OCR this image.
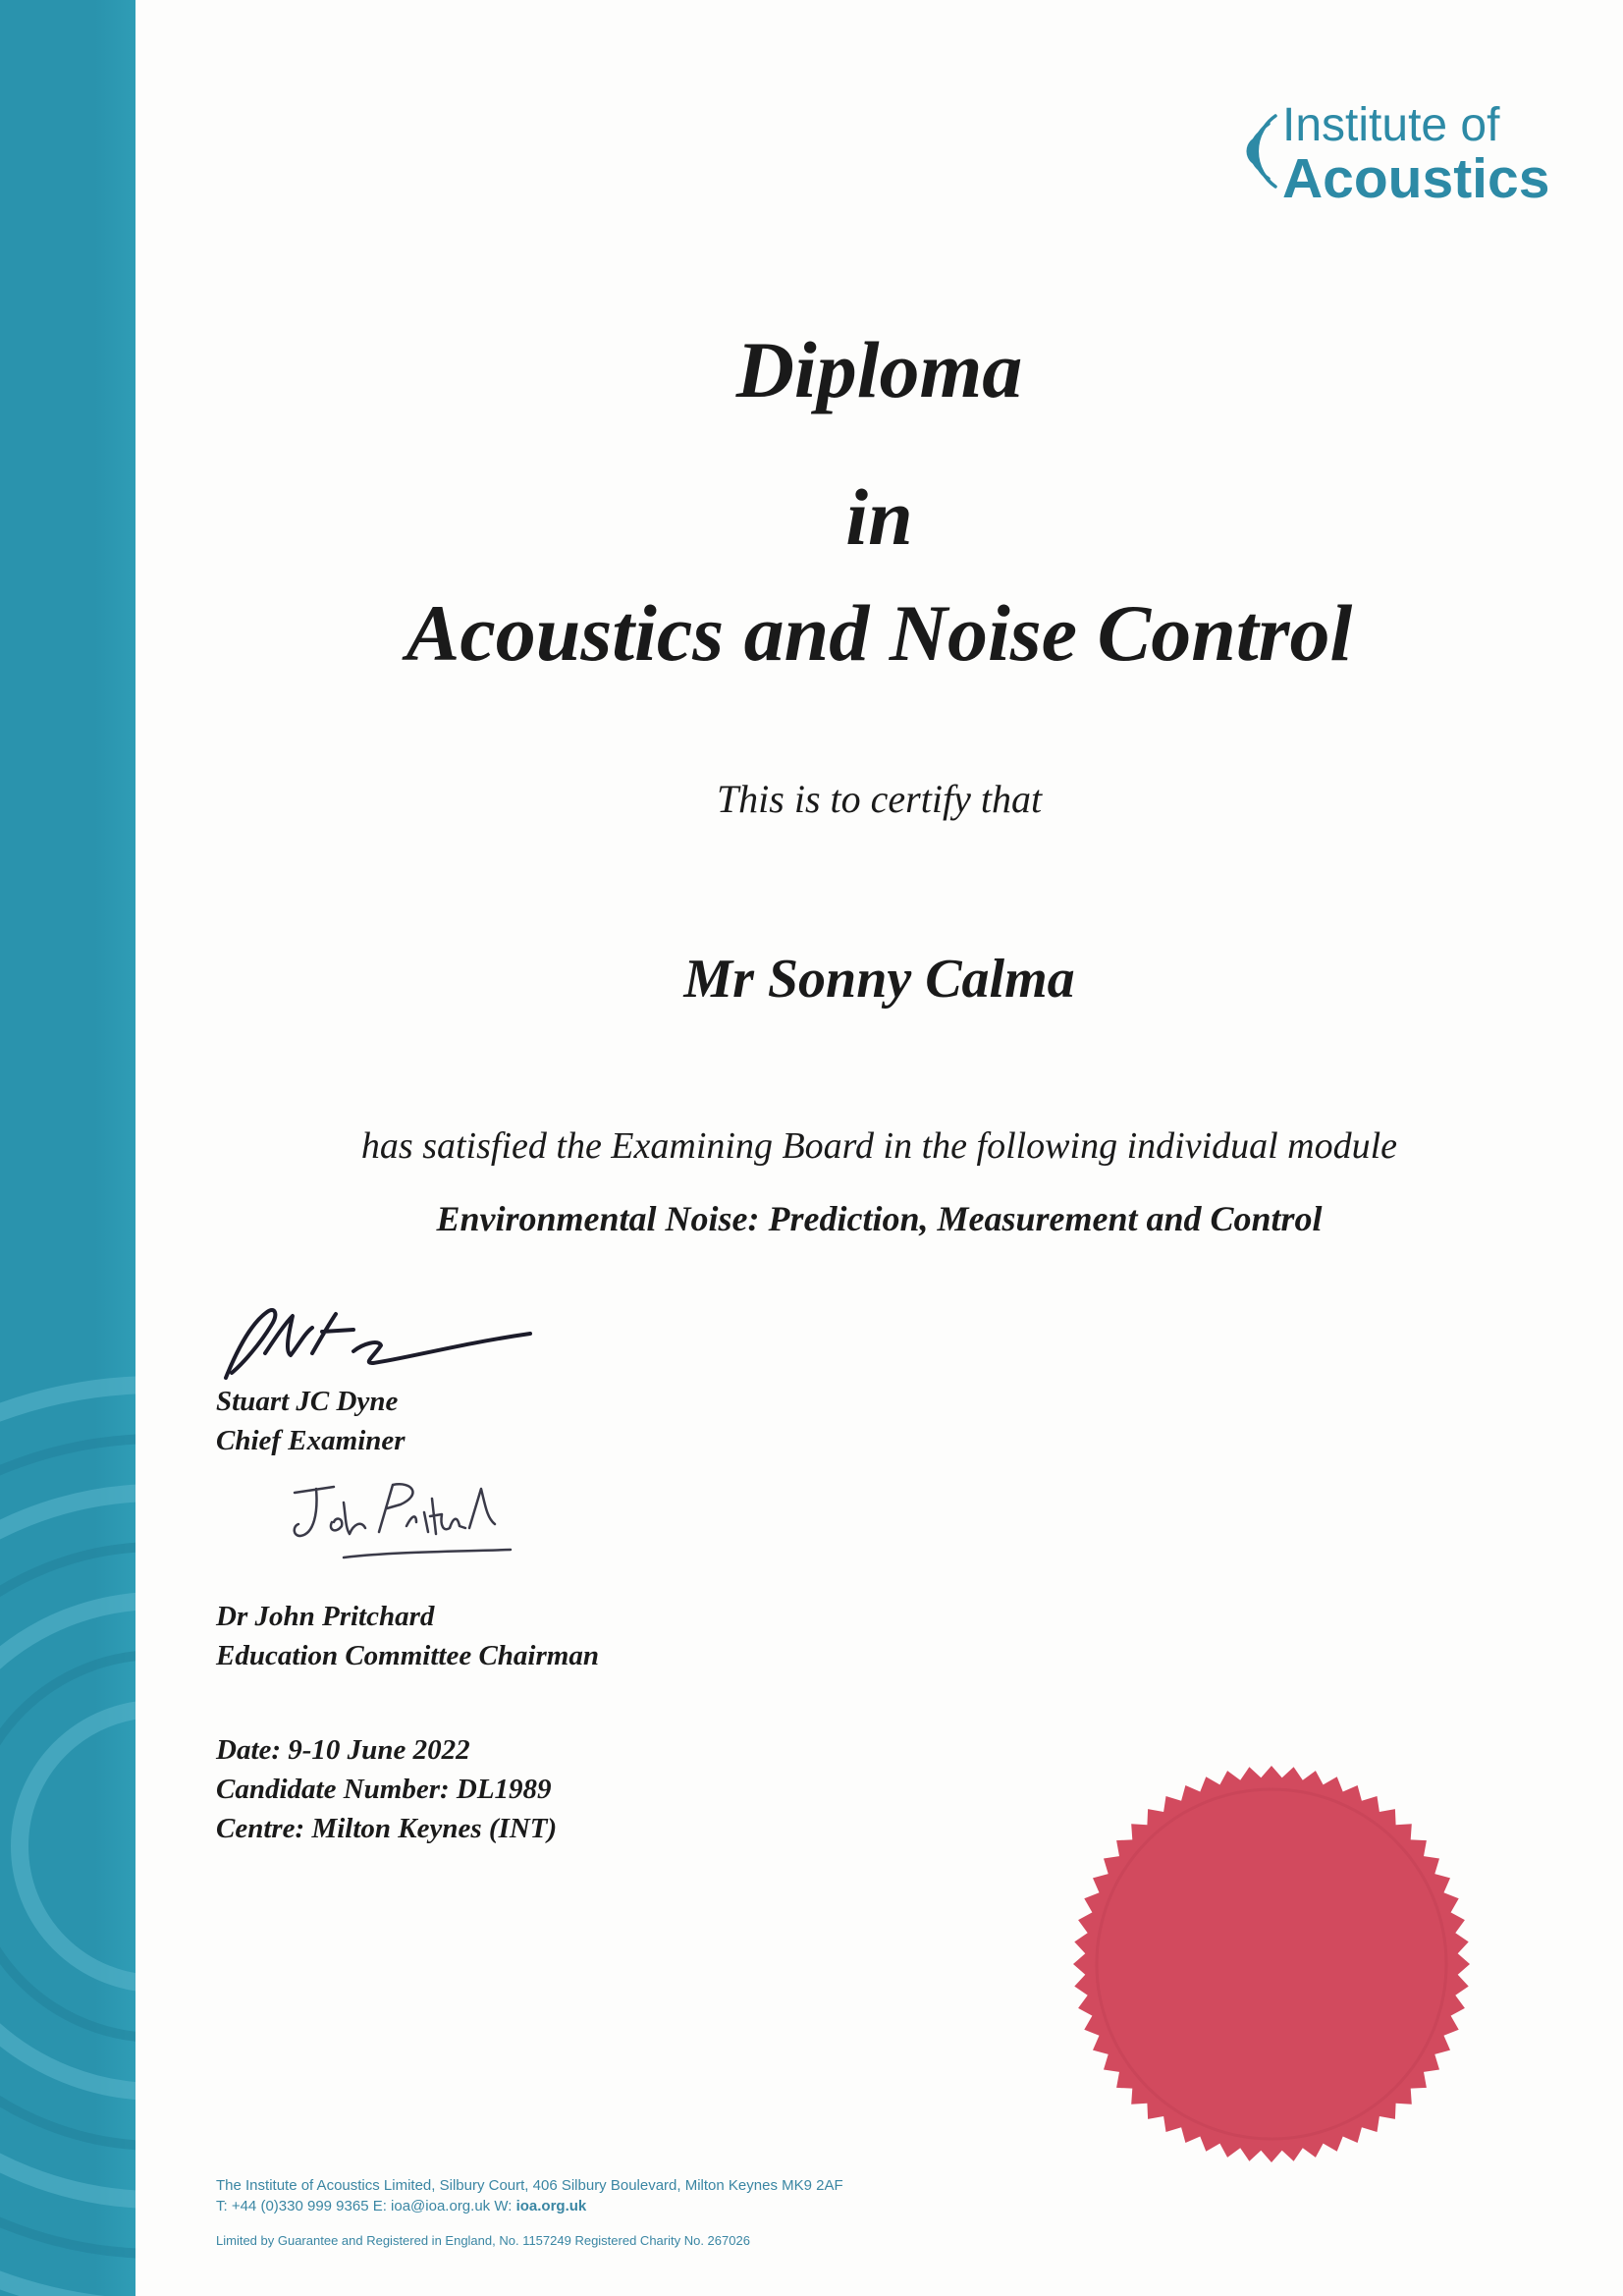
Institute of
Acoustics
Diploma
in
Acoustics and Noise Control

This is to certify that

Mr Sonny Calma

has satisfied the Examining Board in the following individual module

Environmental Noise: Prediction, Measurement and Control

Stuart JC Dyne
Chief Examiner
Dr John Pritchard
Education Committee Chairman
Date: 9-10 June 2022
Candidate Number: DL1989
Centre: Milton Keynes (INT)
The Institute of Acoustics Limited, Silbury Court, 406 Silbury Boulevard, Milton Keynes MK9 2AF
T: +44 (0)330 999 9365 E: ioa@ioa.org.uk W: ioa.org.uk
Limited by Guarantee and Registered in England, No. 1157249 Registered Charity No. 267026
